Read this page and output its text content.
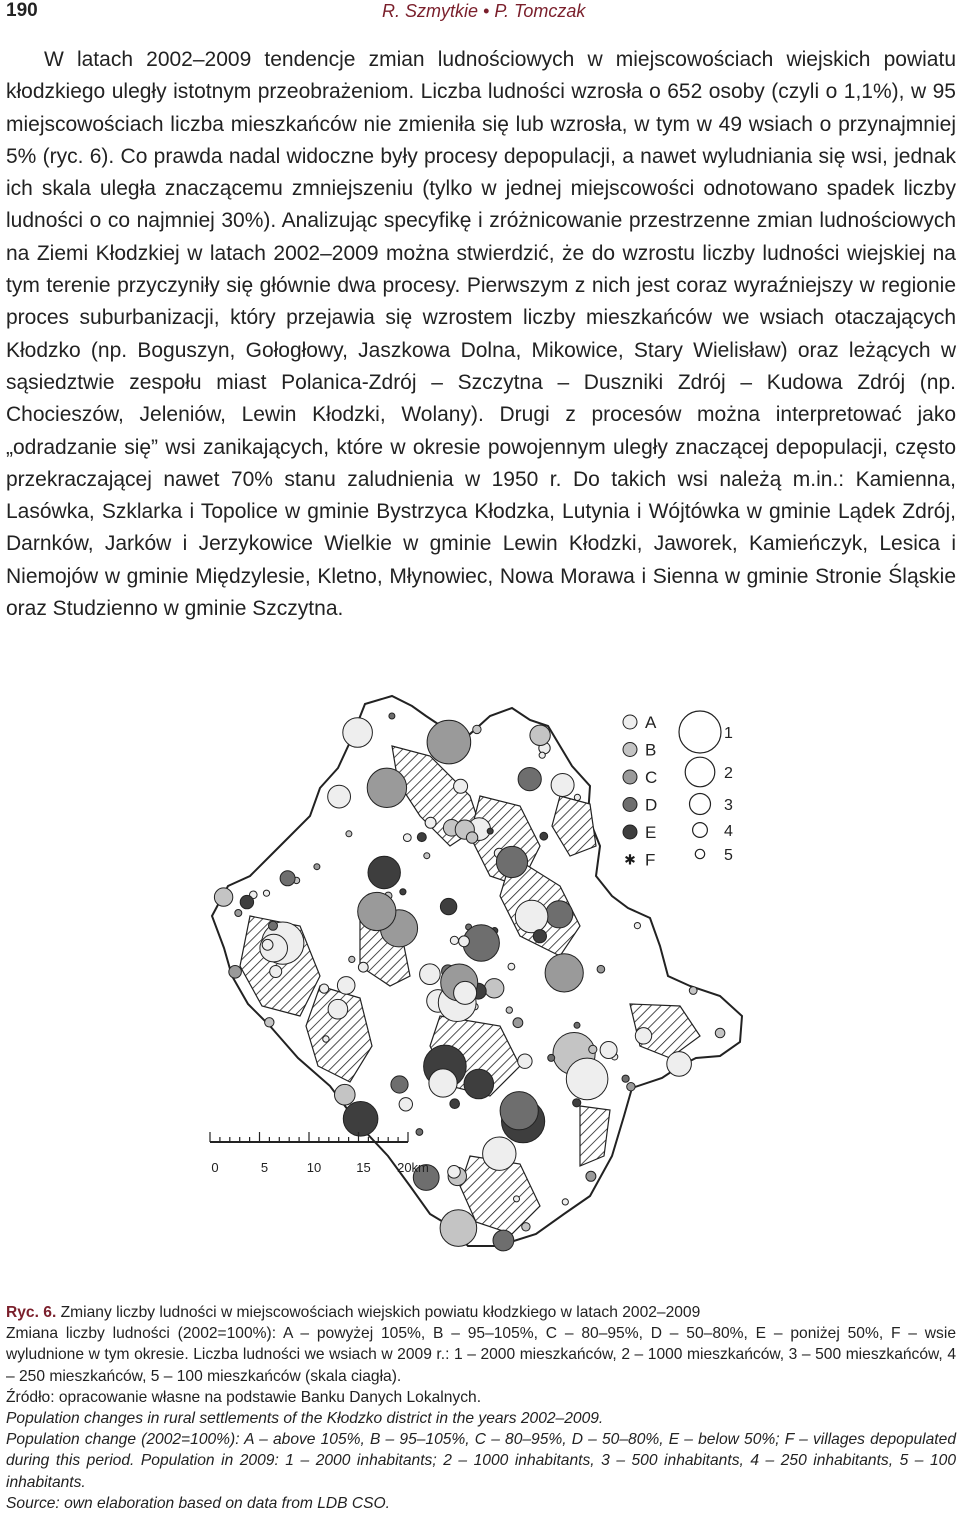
190	R. Szmytkie • P. Tomczak

W latach 2002–2009 tendencje zmian ludnościowych w miejscowościach wiejskich powiatu kłodzkiego uległy istotnym przeobrażeniom. Liczba ludności wzrosła o 652 osoby (czyli o 1,1%), w 95 miejscowościach liczba mieszkańców nie zmieniła się lub wzrosła, w tym w 49 wsiach o przynajmniej 5% (ryc. 6). Co prawda nadal widoczne były procesy depopulacji, a nawet wyludniania się wsi, jednak ich skala uległa znaczącemu zmniejszeniu (tylko w jednej miejscowości odnotowano spadek liczby ludności o co najmniej 30%). Analizując specyfikę i zróżnicowanie przestrzenne zmian ludnościowych na Ziemi Kłodzkiej w latach 2002–2009 można stwierdzić, że do wzrostu liczby ludności wiejskiej na tym terenie przyczyniły się głównie dwa procesy. Pierwszym z nich jest coraz wyraźniejszy w regionie proces suburbanizacji, który przejawia się wzrostem liczby mieszkańców we wsiach otaczających Kłodzko (np. Boguszyn, Gołogłowy, Jaszkowa Dolna, Mikowice, Stary Wielisław) oraz leżących w sąsiedztwie zespołu miast Polanica-Zdrój – Szczytna – Duszniki Zdrój – Kudowa Zdrój (np. Chocieszów, Jeleniów, Lewin Kłodzki, Wolany). Drugi z procesów można interpretować jako „odradzanie się” wsi zanikających, które w okresie powojennym uległy znaczącej depopulacji, często przekraczającej nawet 70% stanu zaludnienia w 1950 r. Do takich wsi należą m.in.: Kamienna, Lasówka, Szklarka i Topolice w gminie Bystrzyca Kłodzka, Lutynia i Wójtówka w gminie Lądek Zdrój, Darnków, Jarków i Jerzykowice Wielkie w gminie Lewin Kłodzki, Jaworek, Kamieńczyk, Lesica i Niemojów w gminie Międzylesie, Kletno, Młynowiec, Nowa Morawa i Sienna w gminie Stronie Śląskie oraz Studzienno w gminie Szczytna.

A
B
C
D
E
✱ F
1
2
3
4
5
0	5	10	15 20km

Ryc. 6. Zmiany liczby ludności w miejscowościach wiejskich powiatu kłodzkiego w latach 2002–2009

Zmiana liczby ludności (2002=100%): A – powyżej 105%, B – 95–105%, C – 80–95%, D – 50–80%, E – poniżej 50%, F – wsie wyludnione w tym okresie. Liczba ludności we wsiach w 2009 r.: 1 – 2000 mieszkańców, 2 – 1000 mieszkańców, 3 – 500 mieszkańców, 4 – 250 mieszkańców, 5 – 100 mieszkańców (skala ciagła).

Źródło: opracowanie własne na podstawie Banku Danych Lokalnych.

Population changes in rural settlements of the Kłodzko district in the years 2002–2009.

Population change (2002=100%): A – above 105%, B – 95–105%, C – 80–95%, D – 50–80%, E – below 50%; F – villages depopulated during this period. Population in 2009: 1 – 2000 inhabitants; 2 – 1000 inhabitants, 3 – 500 inhabitants, 4 – 250 inhabitants, 5 – 100 inhabitants.

Source: own elaboration based on data from LDB CSO.
